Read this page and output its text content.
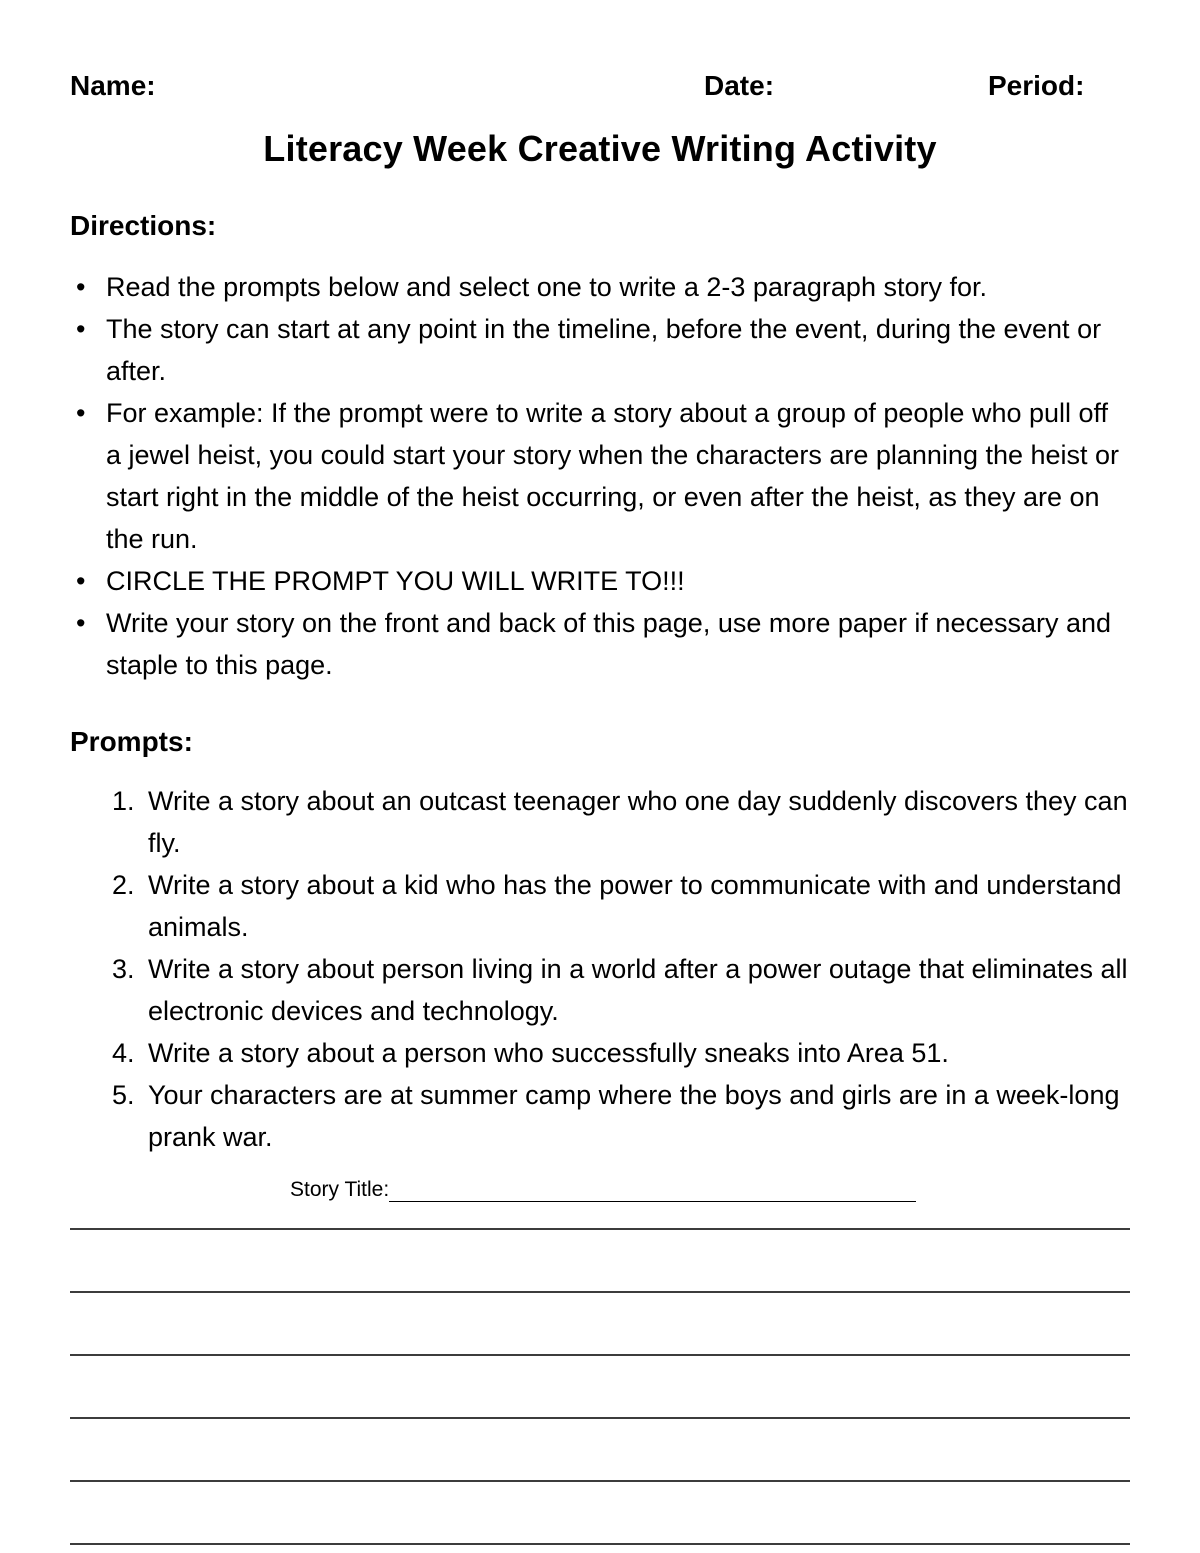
Name:	Date:	Period:
Literacy Week Creative Writing Activity
Directions:
• Read the prompts below and select one to write a 2-3 paragraph story for.
• The story can start at any point in the timeline, before the event, during the event or after.
• For example: If the prompt were to write a story about a group of people who pull off a jewel heist, you could start your story when the characters are planning the heist or start right in the middle of the heist occurring, or even after the heist, as they are on the run.
• CIRCLE THE PROMPT YOU WILL WRITE TO!!!
• Write your story on the front and back of this page, use more paper if necessary and staple to this page.
Prompts:
1. Write a story about an outcast teenager who one day suddenly discovers they can fly.
2. Write a story about a kid who has the power to communicate with and understand animals.
3. Write a story about person living in a world after a power outage that eliminates all electronic devices and technology.
4. Write a story about a person who successfully sneaks into Area 51.
5. Your characters are at summer camp where the boys and girls are in a week-long prank war.
Story Title:
